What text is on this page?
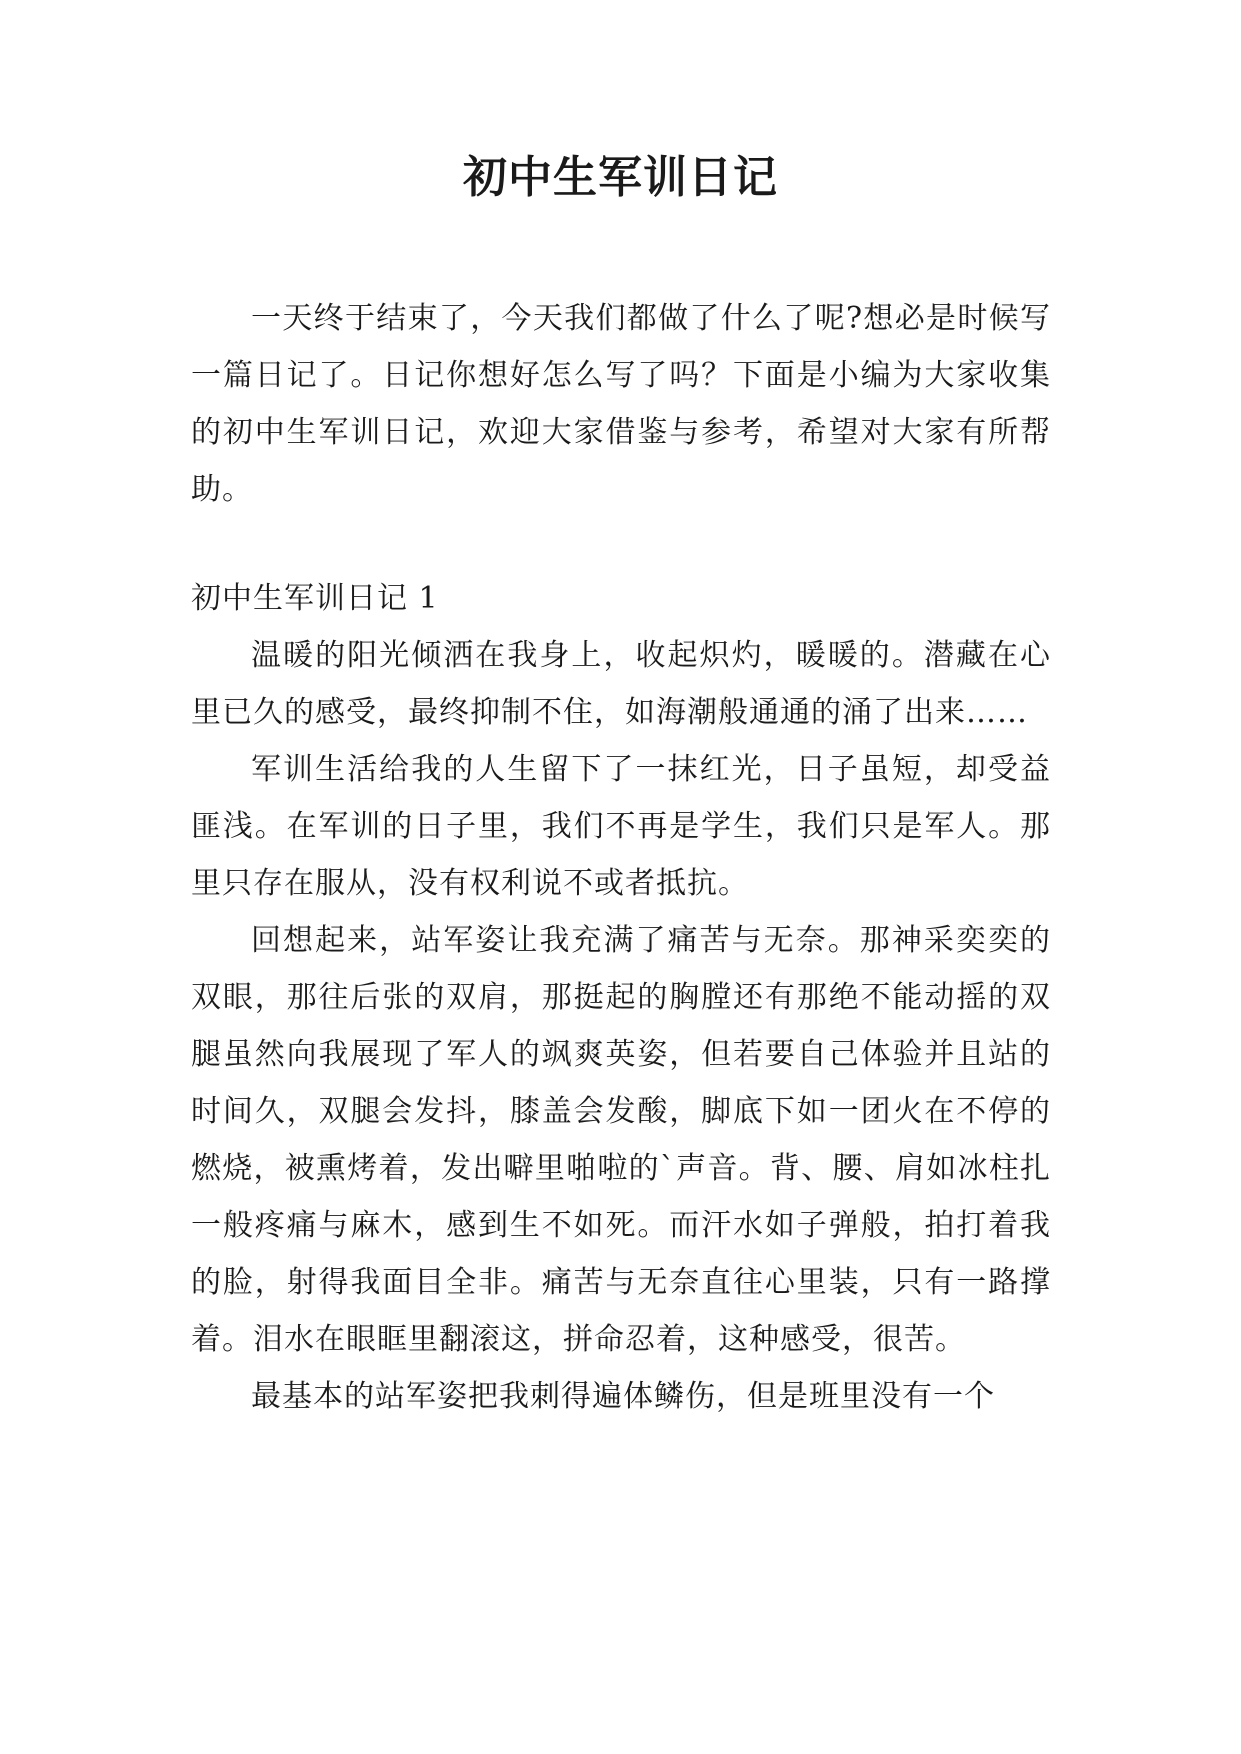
初中生军训日记

一天终于结束了，今天我们都做了什么了呢?想必是时候写一篇日记了。日记你想好怎么写了吗？下面是小编为大家收集的初中生军训日记，欢迎大家借鉴与参考，希望对大家有所帮助。

初中生军训日记 1

温暖的阳光倾洒在我身上，收起炽灼，暖暖的。潜藏在心里已久的感受，最终抑制不住，如海潮般通通的涌了出来……

军训生活给我的人生留下了一抹红光，日子虽短，却受益匪浅。在军训的日子里，我们不再是学生，我们只是军人。那里只存在服从，没有权利说不或者抵抗。

回想起来，站军姿让我充满了痛苦与无奈。那神采奕奕的双眼，那往后张的双肩，那挺起的胸膛还有那绝不能动摇的双腿虽然向我展现了军人的飒爽英姿，但若要自己体验并且站的时间久，双腿会发抖，膝盖会发酸，脚底下如一团火在不停的燃烧，被熏烤着，发出噼里啪啦的`声音。背、腰、肩如冰柱扎一般疼痛与麻木，感到生不如死。而汗水如子弹般，拍打着我的脸，射得我面目全非。痛苦与无奈直往心里装，只有一路撑着。泪水在眼眶里翻滚这，拼命忍着，这种感受，很苦。

最基本的站军姿把我刺得遍体鳞伤，但是班里没有一个
